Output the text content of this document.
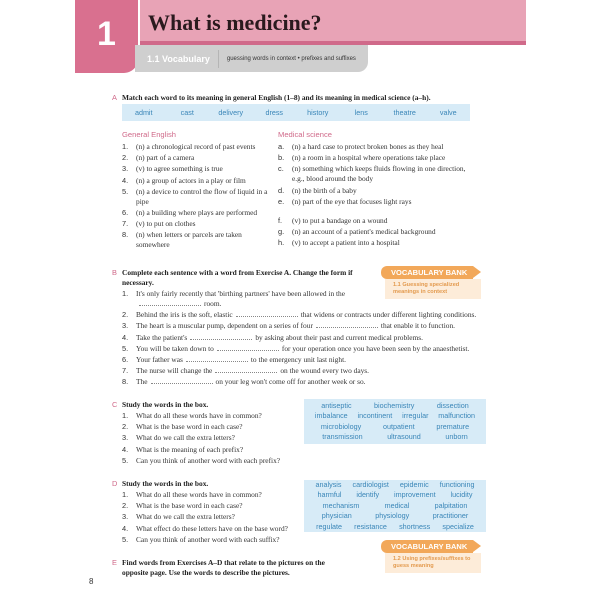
1	What is medicine?
1.1 Vocabulary	guessing words in context • prefixes and suffixes
A Match each word to its meaning in general English (1–8) and its meaning in medical science (a–h).
admit	cast	delivery	dress	history	lens	theatre	valve
General English
1.	(n) a chronological record of past events
2.	(n) part of a camera
3.	(v) to agree something is true
4.	(n) a group of actors in a play or film
5.	(n) a device to control the flow of liquid in a pipe
6.	(n) a building where plays are performed
7.	(v) to put on clothes
8.	(n) when letters or parcels are taken somewhere
Medical science
a.	(n) a hard case to protect broken bones as they heal
b.	(n) a room in a hospital where operations take place
c.	(n) something which keeps fluids flowing in one direction, e.g., blood around the body
d.	(n) the birth of a baby
e.	(n) part of the eye that focuses light rays
f.	(v) to put a bandage on a wound
g.	(n) an account of a patient's medical background
h.	(v) to accept a patient into a hospital
B Complete each sentence with a word from Exercise A. Change the form if necessary.
1.	It's only fairly recently that 'birthing partners' have been allowed in theroom.
2.	Behind the iris is the soft, elastic	that widens or contracts under different lighting conditions.
3.	The heart is a muscular pump, dependent on a series of four	that enable it to function.
4.	Take the patient's	by asking about their past and current medical problems.
5.	You will be taken down to	for your operation once you have been seen by the anaesthetist.
6.	Your father was	to the emergency unit last night.
7.	The nurse will change the	on the wound every two days.
8.	The	on your leg won't come off for another week or so.
VOCABULARY BANK
1.1 Guessing specialized meanings in context
C Study the words in the box.
1.	What do all these words have in common?
2.	What is the base word in each case?
3.	What do we call the extra letters?
4.	What is the meaning of each prefix?
5.	Can you think of another word with each prefix?
antiseptic	biochemistry	dissection
imbalance incontinent irregular malfunction
microbiology	outpatient	premature
transmission	ultrasound	unborn
D Study the words in the box.
1.	What do all these words have in common?
2.	What is the base word in each case?
3.	What do we call the extra letters?
4.	What effect do these letters have on the base word?
5.	Can you think of another word with each suffix?
analysis cardiologist epidemic functioning
harmful identify improvement lucidity
mechanism	medical	palpitation
physician	physiology	practitioner
regulate resistance shortness specialize
VOCABULARY BANK
1.2 Using prefixes/suffixes to guess meaning
E Find words from Exercises A–D that relate to the pictures on the opposite page. Use the words to describe the pictures.
8
